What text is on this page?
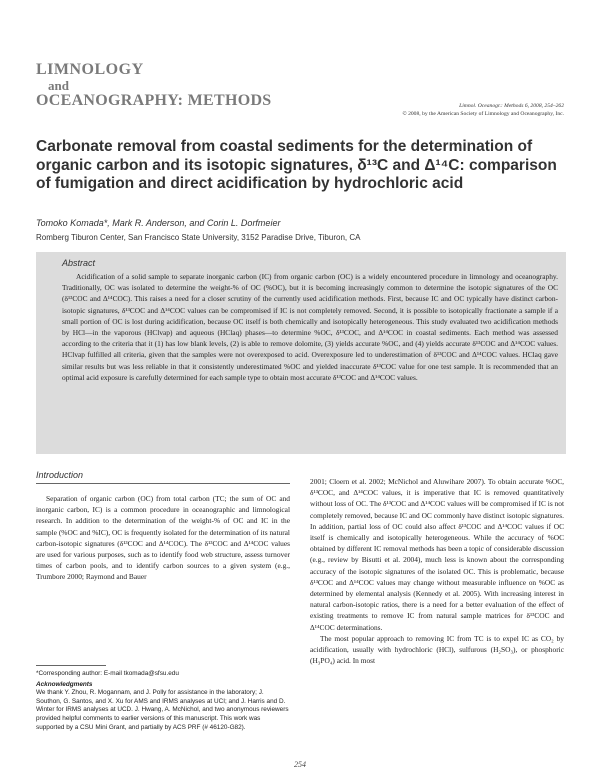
LIMNOLOGY
and
OCEANOGRAPHY: METHODS	Limnol. Oceanogr.: Methods 6, 2008, 254–262
© 2008, by the American Society of Limnology and Oceanography, Inc.
Carbonate removal from coastal sediments for the determination of organic carbon and its isotopic signatures, δ¹³C and Δ¹⁴C: comparison of fumigation and direct acidification by hydrochloric acid
Tomoko Komada*, Mark R. Anderson, and Corin L. Dorfmeier
Romberg Tiburon Center, San Francisco State University, 3152 Paradise Drive, Tiburon, CA
Abstract
Acidification of a solid sample to separate inorganic carbon (IC) from organic carbon (OC) is a widely encountered procedure in limnology and oceanography. Traditionally, OC was isolated to determine the weight-% of OC (%OC), but it is becoming increasingly common to determine the isotopic signatures of the OC (δ¹³COC and Δ¹⁴COC). This raises a need for a closer scrutiny of the currently used acidification methods. First, because IC and OC typically have distinct carbon-isotopic signatures, δ¹³COC and Δ¹⁴COC values can be compromised if IC is not completely removed. Second, it is possible to isotopically fractionate a sample if a small portion of OC is lost during acidification, because OC itself is both chemically and isotopically heterogeneous. This study evaluated two acidification methods by HCl—in the vaporous (HClvap) and aqueous (HClaq) phases—to determine %OC, δ¹³COC, and Δ¹⁴COC in coastal sediments. Each method was assessed according to the criteria that it (1) has low blank levels, (2) is able to remove dolomite, (3) yields accurate %OC, and (4) yields accurate δ¹³COC and Δ¹⁴COC values. HClvap fulfilled all criteria, given that the samples were not overexposed to acid. Overexposure led to underestimation of δ¹³COC and Δ¹⁴COC values. HClaq gave similar results but was less reliable in that it consistently underestimated %OC and yielded inaccurate δ¹³COC value for one test sample. It is recommended that an optimal acid exposure is carefully determined for each sample type to obtain most accurate δ¹³COC and Δ¹⁴COC values.
Introduction
Separation of organic carbon (OC) from total carbon (TC; the sum of OC and inorganic carbon, IC) is a common procedure in oceanographic and limnological research. In addition to the determination of the weight-% of OC and IC in the sample (%OC and %IC), OC is frequently isolated for the determination of its natural carbon-isotopic signatures (δ¹³COC and Δ¹⁴COC). The δ¹³COC and Δ¹⁴COC values are used for various purposes, such as to identify food web structure, assess turnover times of carbon pools, and to identify carbon sources to a given system (e.g., Trumbore 2000; Raymond and Bauer

2001; Cloern et al. 2002; McNichol and Aluwihare 2007). To obtain accurate %OC, δ¹³COC, and Δ¹⁴COC values, it is imperative that IC is removed quantitatively without loss of OC. The δ¹³COC and Δ¹⁴COC values will be compromised if IC is not completely removed, because IC and OC commonly have distinct isotopic signatures. In addition, partial loss of OC could also affect δ¹³COC and Δ¹⁴COC values if OC itself is chemically and isotopically heterogeneous. While the accuracy of %OC obtained by different IC removal methods has been a topic of considerable discussion (e.g., review by Bisutti et al. 2004), much less is known about the corresponding accuracy of the isotopic signatures of the isolated OC. This is problematic, because δ¹³COC and Δ¹⁴COC values may change without measurable influence on %OC as determined by elemental analysis (Kennedy et al. 2005). With increasing interest in natural carbon-isotopic ratios, there is a need for a better evaluation of the effect of existing treatments to remove IC from natural sample matrices for δ¹³COC and Δ¹⁴COC determinations.

The most popular approach to removing IC from TC is to expel IC as CO₂ by acidification, usually with hydrochloric (HCl), sulfurous (H₂SO₃), or phosphoric (H₃PO₄) acid. In most

*Corresponding author: E-mail tkomada@sfsu.edu
Acknowledgments
We thank Y. Zhou, R. Mogannam, and J. Polly for assistance in the laboratory; J. Southon, G. Santos, and X. Xu for AMS and IRMS analyses at UCI; and J. Harris and D. Winter for IRMS analyses at UCD. J. Hwang, A. McNichol, and two anonymous reviewers provided helpful comments to earlier versions of this manuscript. This work was supported by a CSU Mini Grant, and partially by ACS PRF (# 46120-G82).
254
